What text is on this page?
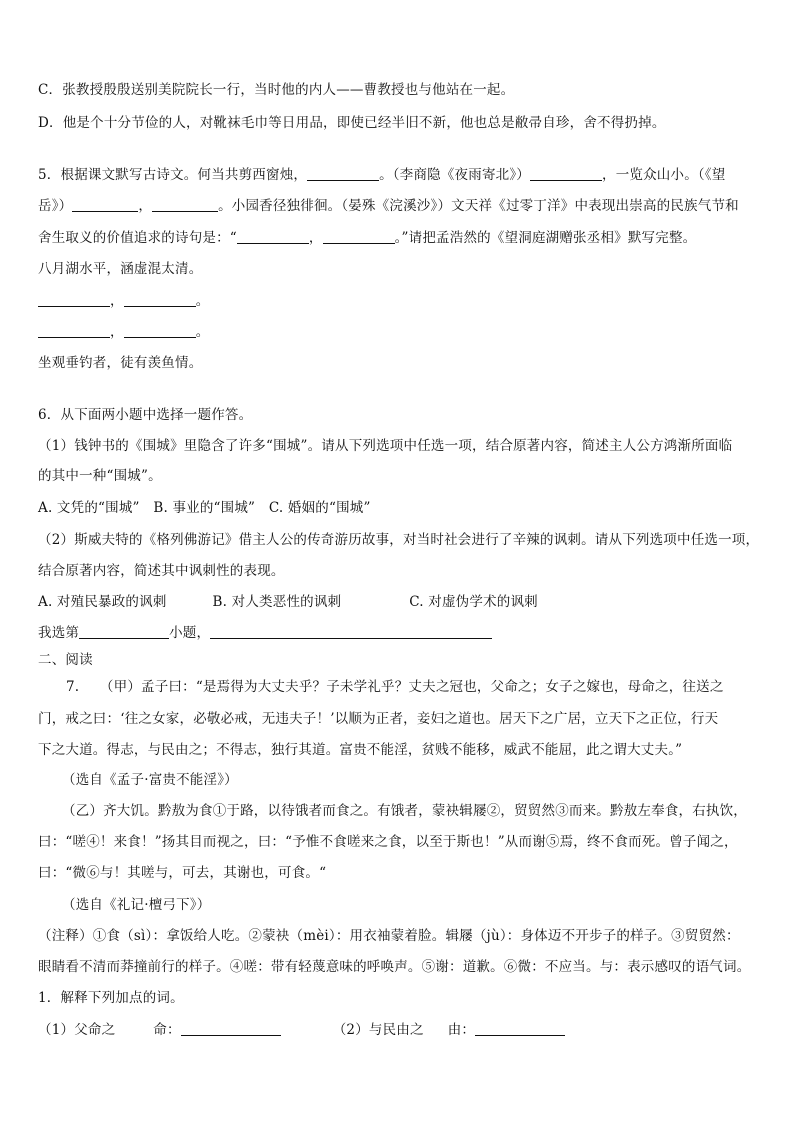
C．张教授殷殷送别美院院长一行，当时他的内人——曹教授也与他站在一起。
D．他是个十分节俭的人，对靴袜毛巾等日用品，即使已经半旧不新，他也总是敝帚自珍，舍不得扔掉。
5．根据课文默写古诗文。何当共剪西窗烛，	。（李商隐《夜雨寄北》）	，一览众山小。（《望
岳》）	，	。小园香径独徘徊。（晏殊《浣溪沙》）文天祥《过零丁洋》中表现出崇高的民族气节和
舍生取义的价值追求的诗句是：“	，	。”请把孟浩然的《望洞庭湖赠张丞相》默写完整。
八月湖水平，涵虚混太清。
，	。
，	。
坐观垂钓者，徒有羡鱼情。
6．从下面两小题中选择一题作答。
（1）钱钟书的《围城》里隐含了许多“围城”。请从下列选项中任选一项，结合原著内容，简述主人公方鸿渐所面临
的其中一种“围城”。
A. 文凭的“围城”　B. 事业的“围城”　C. 婚姻的“围城”
（2）斯威夫特的《格列佛游记》借主人公的传奇游历故事，对当时社会进行了辛辣的讽刺。请从下列选项中任选一项，
结合原著内容，简述其中讽刺性的表现。
A. 对殖民暴政的讽刺	B. 对人类恶性的讽刺	C. 对虚伪学术的讽刺
我选第	小题，
二、阅读
7.　　（甲）孟子曰：“是焉得为大丈夫乎？子未学礼乎？丈夫之冠也，父命之；女子之嫁也，母命之，往送之
门，戒之曰：‘往之女家，必敬必戒，无违夫子！’以顺为正者，妾妇之道也。居天下之广居，立天下之正位，行天
下之大道。得志，与民由之；不得志，独行其道。富贵不能淫，贫贱不能移，威武不能屈，此之谓大丈夫。”
（选自《孟子·富贵不能淫》）
（乙）齐大饥。黔敖为食①于路，以待饿者而食之。有饿者，蒙袂辑屦②，贸贸然③而来。黔敖左奉食，右执饮，
曰：“嗟④！来食！”扬其目而视之，曰：“予惟不食嗟来之食，以至于斯也！”从而谢⑤焉，终不食而死。曾子闻之，
曰：“微⑥与！其嗟与，可去，其谢也，可食。“
（选自《礼记·檀弓下》）
（注释）①食（sì）：拿饭给人吃。②蒙袂（mèi）：用衣袖蒙着脸。辑屦（jù）：身体迈不开步子的样子。③贸贸然：
眼睛看不清而莽撞前行的样子。④嗟：带有轻蔑意味的呼唤声。⑤谢：道歉。⑥微：不应当。与：表示感叹的语气词。
1．解释下列加点的词。
（1）父命之	命：	（2）与民由之 由：
